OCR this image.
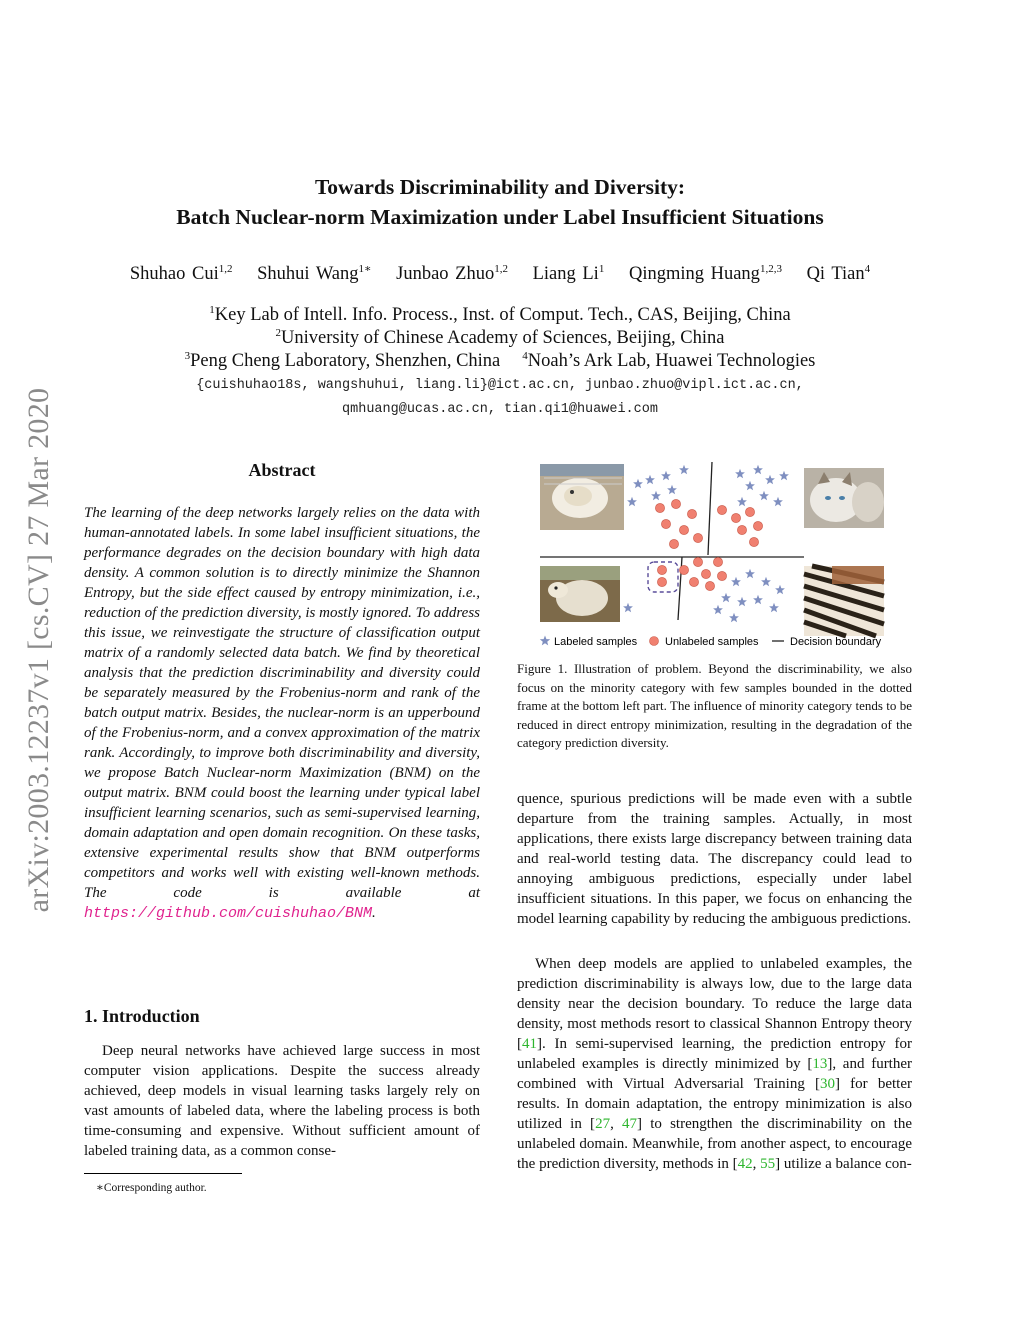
arXiv:2003.12237v1 [cs.CV] 27 Mar 2020
Towards Discriminability and Diversity:
Batch Nuclear-norm Maximization under Label Insufficient Situations
Shuhao Cui$^{1,2}$ Shuhui Wang$^{1∗}$ Junbao Zhuo$^{1,2}$ Liang Li$^1$ Qingming Huang$^{1,2,3}$ Qi Tian$^4$
$^1$Key Lab of Intell. Info. Process., Inst. of Comput. Tech., CAS, Beijing, China
$^2$University of Chinese Academy of Sciences, Beijing, China
$^3$Peng Cheng Laboratory, Shenzhen, China $^4$Noah’s Ark Lab, Huawei Technologies
{cuishuhao18s, wangshuhui, liang.li}@ict.ac.cn, junbao.zhuo@vipl.ict.ac.cn,
qmhuang@ucas.ac.cn, tian.qi1@huawei.com
Abstract
The learning of the deep networks largely relies on the data with human-annotated labels. In some label insufficient situations, the performance degrades on the decision boundary with high data density. A common solution is to directly minimize the Shannon Entropy, but the side effect caused by entropy minimization, i.e., reduction of the prediction diversity, is mostly ignored. To address this issue, we reinvestigate the structure of classification output matrix of a randomly selected data batch. We find by theoretical analysis that the prediction discriminability and diversity could be separately measured by the Frobenius-norm and rank of the batch output matrix. Besides, the nuclear-norm is an upperbound of the Frobenius-norm, and a convex approximation of the matrix rank. Accordingly, to improve both discriminability and diversity, we propose Batch Nuclear-norm Maximization (BNM) on the output matrix. BNM could boost the learning under typical label insufficient learning scenarios, such as semi-supervised learning, domain adaptation and open domain recognition. On these tasks, extensive experimental results show that BNM outperforms competitors and works well with existing well-known methods. The code is available at https://github.com/cuishuhao/BNM.
1. Introduction
Deep neural networks have achieved large success in most computer vision applications. Despite the success already achieved, deep models in visual learning tasks largely rely on vast amounts of labeled data, where the labeling process is both time-consuming and expensive. Without sufficient amount of labeled training data, as a common conse-
∗Corresponding author.
Labeled samples	Unlabeled samples	Decision boundary
Figure 1. Illustration of problem. Beyond the discriminability, we also focus on the minority category with few samples bounded in the dotted frame at the bottom left part. The influence of minority category tends to be reduced in direct entropy minimization, resulting in the degradation of the category prediction diversity.
quence, spurious predictions will be made even with a subtle departure from the training samples. Actually, in most applications, there exists large discrepancy between training data and real-world testing data. The discrepancy could lead to annoying ambiguous predictions, especially under label insufficient situations. In this paper, we focus on enhancing the model learning capability by reducing the ambiguous predictions.
When deep models are applied to unlabeled examples, the prediction discriminability is always low, due to the large data density near the decision boundary. To reduce the large data density, most methods resort to classical Shannon Entropy theory [41]. In semi-supervised learning, the prediction entropy for unlabeled examples is directly minimized by [13], and further combined with Virtual Adversarial Training [30] for better results. In domain adaptation, the entropy minimization is also utilized in [27, 47] to strengthen the discriminability on the unlabeled domain. Meanwhile, from another aspect, to encourage the prediction diversity, methods in [42, 55] utilize a balance con-
